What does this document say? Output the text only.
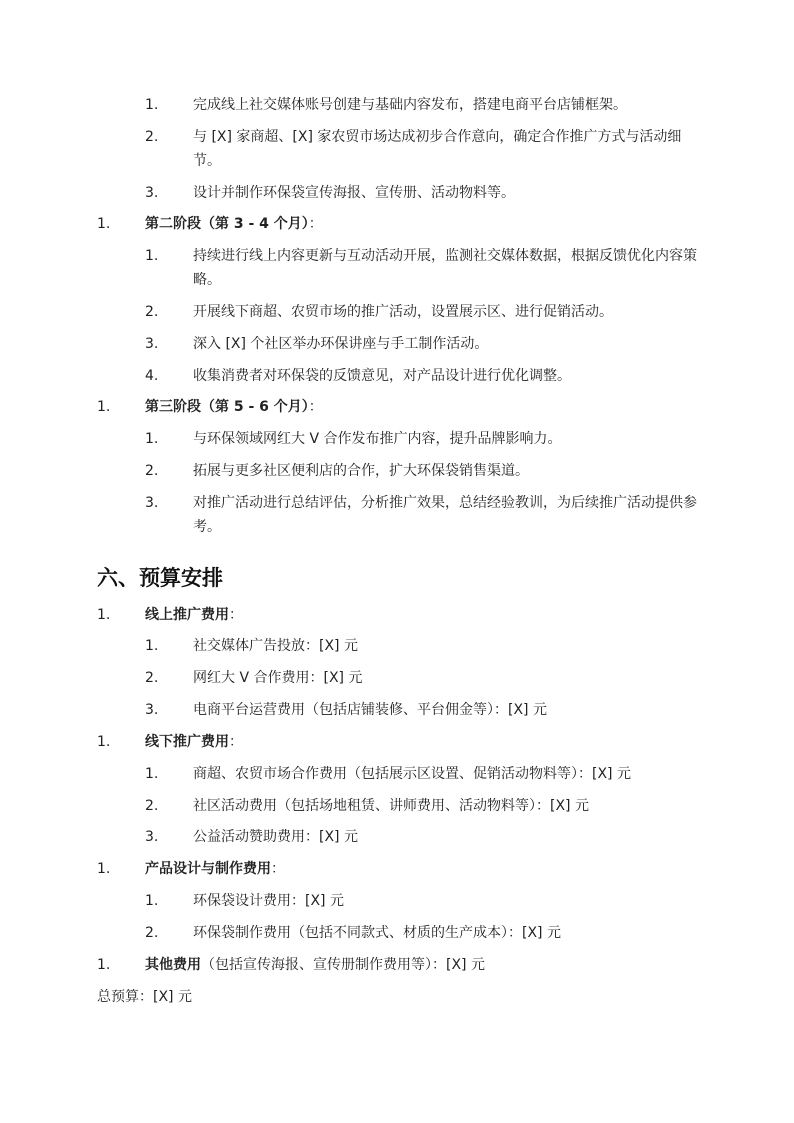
1.	完成线上社交媒体账号创建与基础内容发布，搭建电商平台店铺框架。
2.	与 [X] 家商超、[X] 家农贸市场达成初步合作意向，确定合作推广方式与活动细节。
3.	设计并制作环保袋宣传海报、宣传册、活动物料等。
1.	第二阶段（第 3 - 4 个月）：
1.	持续进行线上内容更新与互动活动开展，监测社交媒体数据，根据反馈优化内容策略。
2.	开展线下商超、农贸市场的推广活动，设置展示区、进行促销活动。
3.	深入 [X] 个社区举办环保讲座与手工制作活动。
4.	收集消费者对环保袋的反馈意见，对产品设计进行优化调整。
1.	第三阶段（第 5 - 6 个月）：
1.	与环保领域网红大 V 合作发布推广内容，提升品牌影响力。
2.	拓展与更多社区便利店的合作，扩大环保袋销售渠道。
3.	对推广活动进行总结评估，分析推广效果，总结经验教训，为后续推广活动提供参考。
六、预算安排
1.	线上推广费用：
1.	社交媒体广告投放：[X] 元
2.	网红大 V 合作费用：[X] 元
3.	电商平台运营费用（包括店铺装修、平台佣金等）：[X] 元
1.	线下推广费用：
1.	商超、农贸市场合作费用（包括展示区设置、促销活动物料等）：[X] 元
2.	社区活动费用（包括场地租赁、讲师费用、活动物料等）：[X] 元
3.	公益活动赞助费用：[X] 元
1.	产品设计与制作费用：
1.	环保袋设计费用：[X] 元
2.	环保袋制作费用（包括不同款式、材质的生产成本）：[X] 元
1.	其他费用（包括宣传海报、宣传册制作费用等）：[X] 元
总预算：[X] 元
